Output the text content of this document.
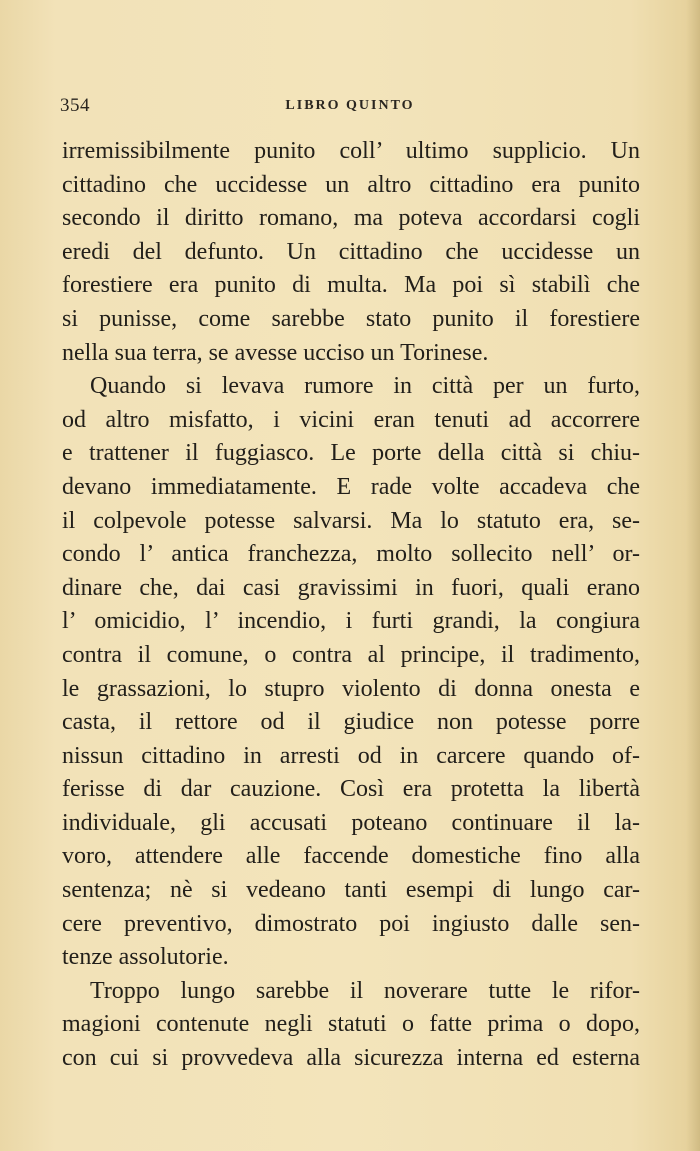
354	LIBRO QUINTO
irremissibilmente punito coll’ ultimo supplicio. Un
cittadino che uccidesse un altro cittadino era punito
secondo il diritto romano, ma poteva accordarsi cogli
eredi del defunto. Un cittadino che uccidesse un
forestiere era punito di multa. Ma poi sì stabilì che
si punisse, come sarebbe stato punito il forestiere
nella sua terra, se avesse ucciso un Torinese.
Quando si levava rumore in città per un furto,
od altro misfatto, i vicini eran tenuti ad accorrere
e trattener il fuggiasco. Le porte della città si chiu-
devano immediatamente. E rade volte accadeva che
il colpevole potesse salvarsi. Ma lo statuto era, se-
condo l’ antica franchezza, molto sollecito nell’ or-
dinare che, dai casi gravissimi in fuori, quali erano
l’ omicidio, l’ incendio, i furti grandi, la congiura
contra il comune, o contra al principe, il tradimento,
le grassazioni, lo stupro violento di donna onesta e
casta, il rettore od il giudice non potesse porre
nissun cittadino in arresti od in carcere quando of-
ferisse di dar cauzione. Così era protetta la libertà
individuale, gli accusati poteano continuare il la-
voro, attendere alle faccende domestiche fino alla
sentenza; nè si vedeano tanti esempi di lungo car-
cere preventivo, dimostrato poi ingiusto dalle sen-
tenze assolutorie.
Troppo lungo sarebbe il noverare tutte le rifor-
magioni contenute negli statuti o fatte prima o dopo,
con cui si provvedeva alla sicurezza interna ed esterna
